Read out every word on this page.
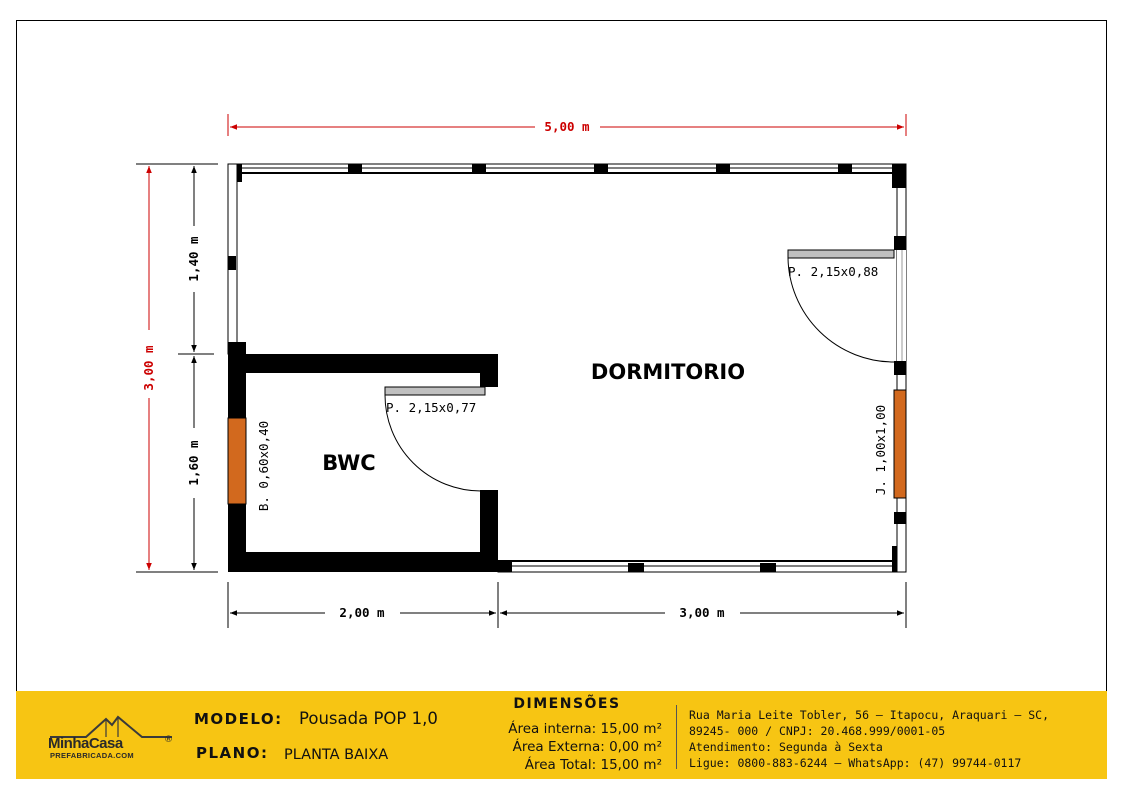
DORMITORIO
BWC
P. 2,15x0,88
P. 2,15x0,77
B. 0,60x0,40	J. 1,00x1,00
5,00 m
3,00 m
1,40 m
1,60 m
2,00 m	3,00 m
MinhaCasa	®
PREFABRICADA.COM
MODELO: Pousada POP 1,0
PLANO: PLANTA BAIXA
DIMENSÕES
Área interna: 15,00 m²
Área Externa: 0,00 m²
Área Total: 15,00 m²
Rua Maria Leite Tobler, 56 – Itapocu, Araquari – SC,
89245- 000 / CNPJ: 20.468.999/0001-05
Atendimento: Segunda à Sexta
Ligue: 0800-883-6244 – WhatsApp: (47) 99744-0117
